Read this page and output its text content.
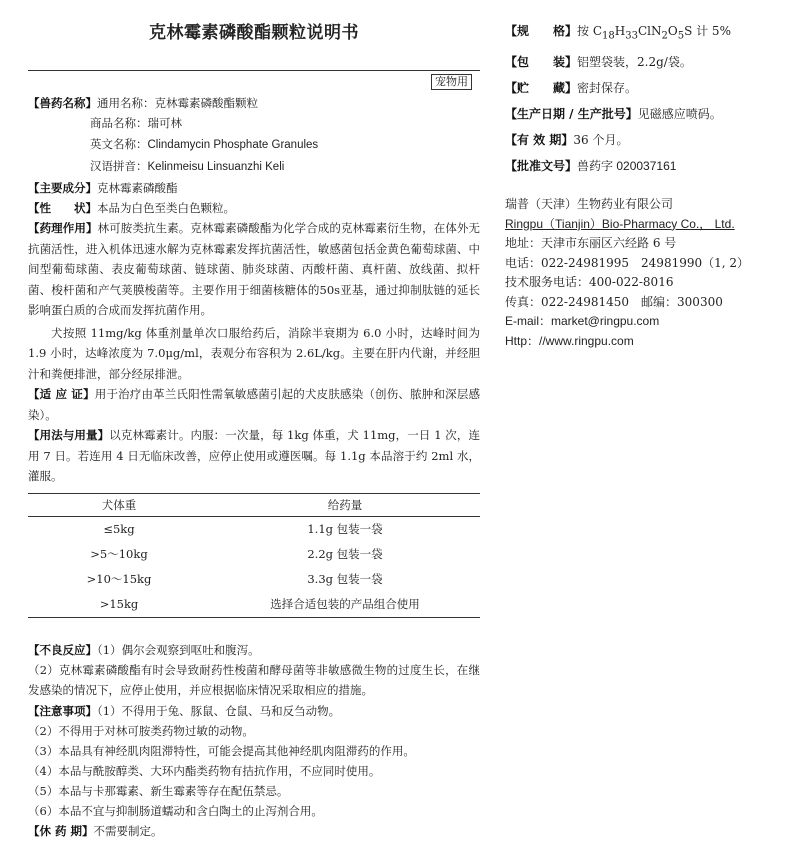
克林霉素磷酸酯颗粒说明书
宠物用
【兽药名称】通用名称：克林霉素磷酸酯颗粒
商品名称：瑞可林
英文名称：Clindamycin Phosphate Granules
汉语拼音：Kelinmeisu Linsuanzhi Keli
【主要成分】克林霉素磷酸酯
【性　　状】本品为白色至类白色颗粒。
【药理作用】林可胺类抗生素。克林霉素磷酸酯为化学合成的克林霉素衍生物，在体外无抗菌活性，进入机体迅速水解为克林霉素发挥抗菌活性，敏感菌包括金黄色葡萄球菌、中间型葡萄球菌、表皮葡萄球菌、链球菌、肺炎球菌、丙酸杆菌、真杆菌、放线菌、拟杆菌、梭杆菌和产气荚膜梭菌等。主要作用于细菌核糖体的50s亚基，通过抑制肽链的延长影响蛋白质的合成而发挥抗菌作用。
犬按照 11mg/kg 体重剂量单次口服给药后，消除半衰期为 6.0 小时，达峰时间为 1.9 小时，达峰浓度为 7.0μg/ml，表观分布容积为 2.6L/kg。主要在肝内代谢，并经胆汁和粪便排泄，部分经尿排泄。
【适 应 证】用于治疗由革兰氏阳性需氧敏感菌引起的犬皮肤感染（创伤、脓肿和深层感染）。
【用法与用量】以克林霉素计。内服：一次量，每 1kg 体重，犬 11mg，一日 1 次，连用 7 日。若连用 4 日无临床改善，应停止使用或遵医嘱。每 1.1g 本品溶于约 2ml 水，灌服。
犬体重	给药量
≤5kg	1.1g 包装一袋
>5～10kg	2.2g 包装一袋
>10～15kg	3.3g 包装一袋
>15kg	选择合适包装的产品组合使用
【不良反应】（1）偶尔会观察到呕吐和腹泻。
（2）克林霉素磷酸酯有时会导致耐药性梭菌和酵母菌等非敏感微生物的过度生长，在继发感染的情况下，应停止使用，并应根据临床情况采取相应的措施。
【注意事项】（1）不得用于兔、豚鼠、仓鼠、马和反刍动物。
（2）不得用于对林可胺类药物过敏的动物。
（3）本品具有神经肌肉阻滞特性，可能会提高其他神经肌肉阻滞药的作用。
（4）本品与酰胺醇类、大环内酯类药物有拮抗作用，不应同时使用。
（5）本品与卡那霉素、新生霉素等存在配伍禁忌。
（6）本品不宜与抑制肠道蠕动和含白陶土的止泻剂合用。
【休 药 期】不需要制定。
【规　　格】按 $C_{18}H_{33}ClN_2O_5S$ 计 5%
【包　　装】铝塑袋装，2.2g/袋。
【贮　　藏】密封保存。
【生产日期 / 生产批号】见磁感应喷码。
【有 效 期】36 个月。
【批准文号】兽药字 020037161
瑞普（天津）生物药业有限公司
Ringpu（Tianjin）Bio-Pharmacy Co.， Ltd.
地址：天津市东丽区六经路 6 号
电话：022-24981995　24981990（1, 2）
技术服务电话：400-022-8016
传真：022-24981450　邮编：300300
E-mail：market@ringpu.com
Http：//www.ringpu.com
